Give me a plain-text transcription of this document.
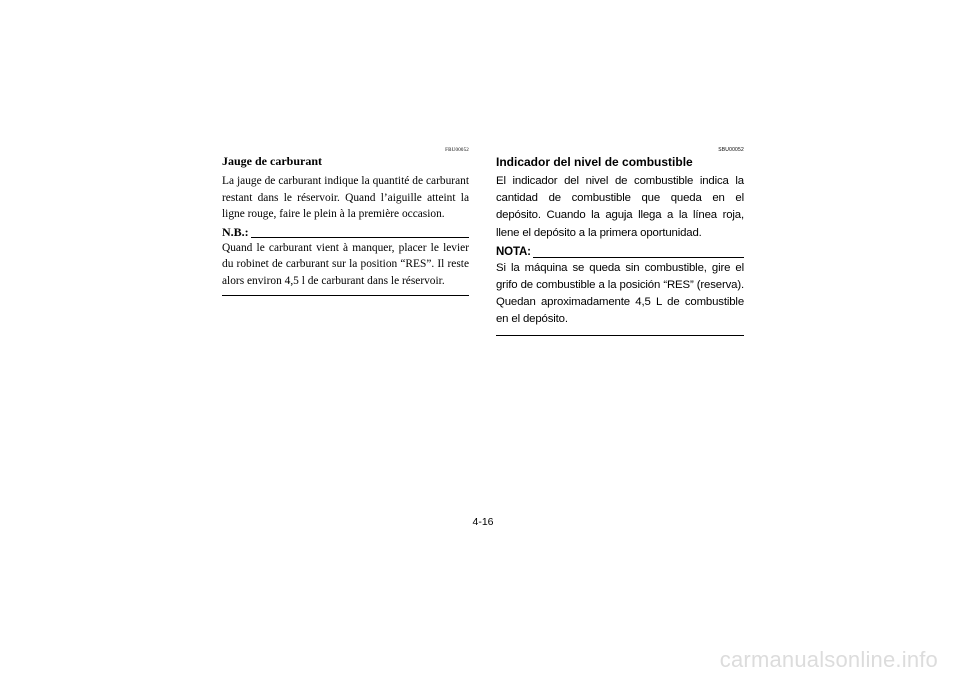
FBU00052
Jauge de carburant

La jauge de carburant indique la quantité de carburant restant dans le réservoir. Quand l’aiguille atteint la ligne rouge, faire le plein à la première occasion.

N.B.:

Quand le carburant vient à manquer, placer le levier du robinet de carburant sur la position “RES”. Il reste alors environ 4,5 l de carburant dans le réservoir.

SBU00052
Indicador del nivel de combustible

El indicador del nivel de combustible indica la cantidad de combustible que queda en el depósito. Cuando la aguja llega a la línea roja, llene el depósito a la primera oportunidad.

NOTA:

Si la máquina se queda sin combustible, gire el grifo de combustible a la posición “RES” (reserva). Quedan aproximadamente 4,5 L de combustible en el depósito.

4-16
carmanualsonline.info
